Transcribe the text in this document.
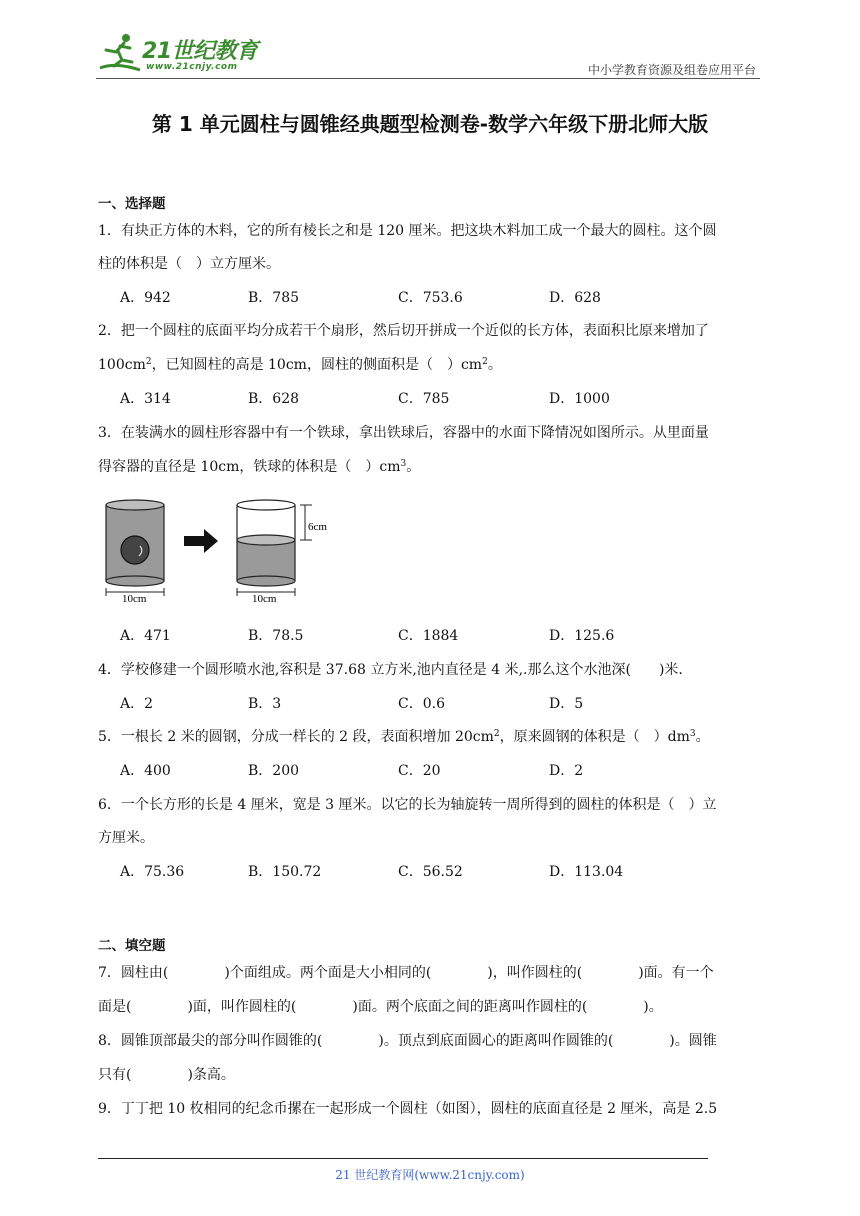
21世纪教育
www.21cnjy.com	中小学教育资源及组卷应用平台
第 1 单元圆柱与圆锥经典题型检测卷-数学六年级下册北师大版
一、选择题
1．有块正方体的木料，它的所有棱长之和是 120 厘米。把这块木料加工成一个最大的圆柱。这个圆
柱的体积是（　）立方厘米。
A．942	B．785	C．753.6	D．628
2．把一个圆柱的底面平均分成若干个扇形，然后切开拼成一个近似的长方体，表面积比原来增加了
$100cm^2$，已知圆柱的高是 10cm，圆柱的侧面积是（　）$cm^2$。
A．314	B．628	C．785	D．1000
3．在装满水的圆柱形容器中有一个铁球，拿出铁球后，容器中的水面下降情况如图所示。从里面量
得容器的直径是 10cm，铁球的体积是（　）$cm^3$。
10cm	10cm
6cm
A．471	B．78.5	C．1884	D．125.6
4．学校修建一个圆形喷水池,容积是 37.68 立方米,池内直径是 4 米,.那么这个水池深(　　)米.
A．2	B．3	C．0.6	D．5
5．一根长 2 米的圆钢，分成一样长的 2 段，表面积增加 $20cm^2$，原来圆钢的体积是（　）$dm^3$。
A．400	B．200	C．20	D．2
6．一个长方形的长是 4 厘米，宽是 3 厘米。以它的长为轴旋转一周所得到的圆柱的体积是（　）立
方厘米。
A．75.36	B．150.72	C．56.52	D．113.04
二、填空题
7．圆柱由(　　　　)个面组成。两个面是大小相同的(　　　　)，叫作圆柱的(　　　　)面。有一个
面是(　　　　)面，叫作圆柱的(　　　　)面。两个底面之间的距离叫作圆柱的(　　　　)。
8．圆锥顶部最尖的部分叫作圆锥的(　　　　)。顶点到底面圆心的距离叫作圆锥的(　　　　)。圆锥
只有(　　　　)条高。
9．丁丁把 10 枚相同的纪念币摞在一起形成一个圆柱（如图），圆柱的底面直径是 2 厘米，高是 2.5
21 世纪教育网(www.21cnjy.com)
